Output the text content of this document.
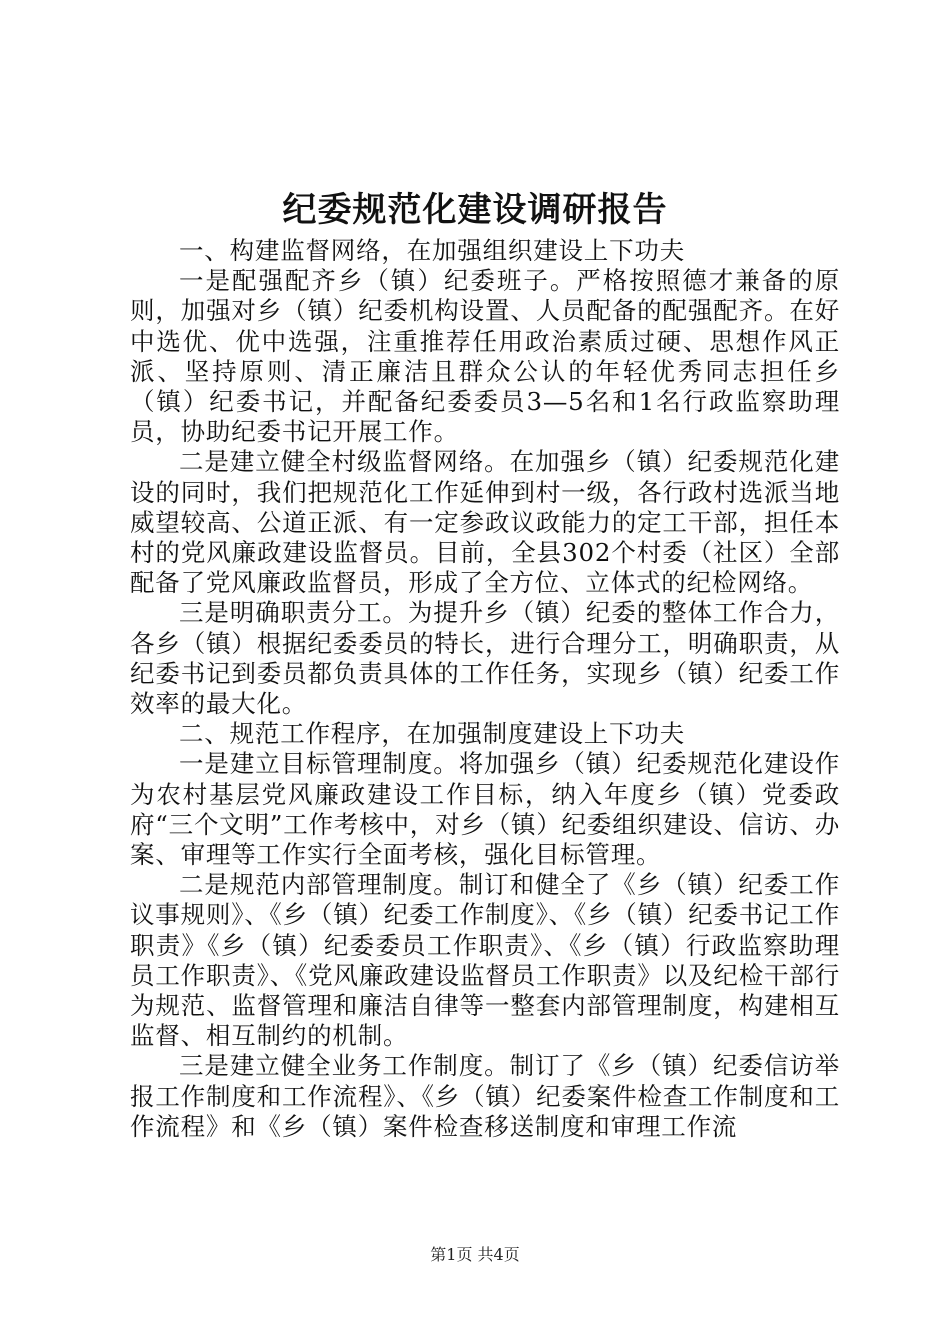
纪委规范化建设调研报告

一、构建监督网络，在加强组织建设上下功夫

一是配强配齐乡（镇）纪委班子。严格按照德才兼备的原则，加强对乡（镇）纪委机构设置、人员配备的配强配齐。在好中选优、优中选强，注重推荐任用政治素质过硬、思想作风正派、坚持原则、清正廉洁且群众公认的年轻优秀同志担任乡（镇）纪委书记，并配备纪委委员3—5名和1名行政监察助理员，协助纪委书记开展工作。

二是建立健全村级监督网络。在加强乡（镇）纪委规范化建设的同时，我们把规范化工作延伸到村一级，各行政村选派当地威望较高、公道正派、有一定参政议政能力的定工干部，担任本村的党风廉政建设监督员。目前，全县302个村委（社区）全部配备了党风廉政监督员，形成了全方位、立体式的纪检网络。

三是明确职责分工。为提升乡（镇）纪委的整体工作合力，各乡（镇）根据纪委委员的特长，进行合理分工，明确职责，从纪委书记到委员都负责具体的工作任务，实现乡（镇）纪委工作效率的最大化。

二、规范工作程序，在加强制度建设上下功夫

一是建立目标管理制度。将加强乡（镇）纪委规范化建设作为农村基层党风廉政建设工作目标，纳入年度乡（镇）党委政府“三个文明”工作考核中，对乡（镇）纪委组织建设、信访、办案、审理等工作实行全面考核，强化目标管理。

二是规范内部管理制度。制订和健全了《乡（镇）纪委工作议事规则》、《乡（镇）纪委工作制度》、《乡（镇）纪委书记工作职责》《乡（镇）纪委委员工作职责》、《乡（镇）行政监察助理员工作职责》、《党风廉政建设监督员工作职责》以及纪检干部行为规范、监督管理和廉洁自律等一整套内部管理制度，构建相互监督、相互制约的机制。

三是建立健全业务工作制度。制订了《乡（镇）纪委信访举报工作制度和工作流程》、《乡（镇）纪委案件检查工作制度和工作流程》和《乡（镇）案件检查移送制度和审理工作流

第1页 共4页
